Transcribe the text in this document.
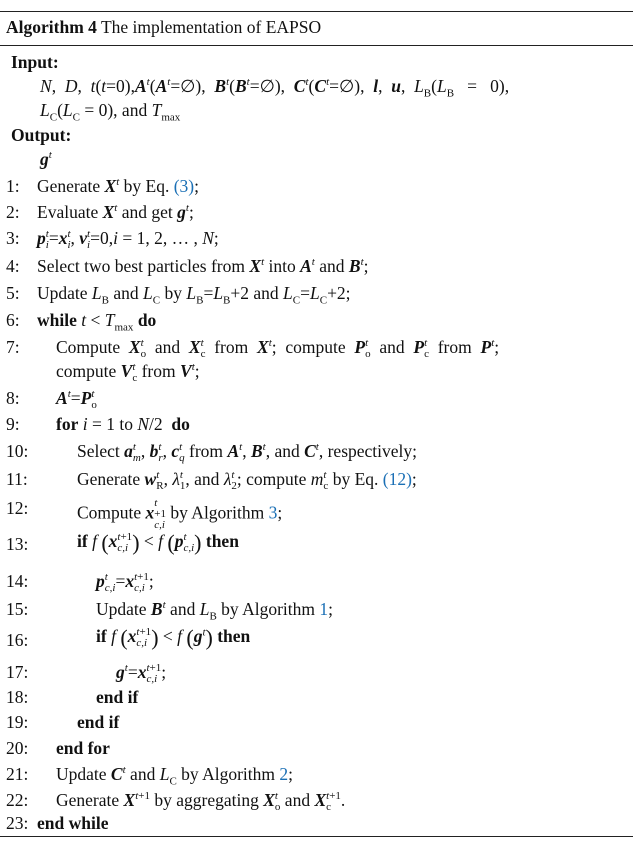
Algorithm 4 The implementation of EAPSO
Input:
N,  D,  $t(t=0),A^t(A^t=\emptyset)$,  $B^t(B^t=\emptyset)$,  $C^t(C^t=\emptyset)$,  l,  u,  $L_B(L_B = 0)$,
$L_C(L_C = 0)$, and $T_{max}$
Output:
$g^t$
1: Generate $X^t$ by Eq. (3);
2: Evaluate $X^t$ and get $g^t$;
3: p t
i =x t
i , v t
i =0,i = 1, 2, … , N;
4: Select two best particles from $X^t$ into $A^t$ and $B^t$;
5: Update $L_B$ and $L_C$ by $L_B=L_B+2$ and $L_C=L_C+2$;
6: while $t < T_{max}$ do
7: Compute  X t
o and  X t
c from  $X^t$;  compute  P t
o and  P t
c from  $P^t$;
compute V t
c from $V^t$;
8: $A^t=P$ t
o
9: for i = 1 to N/2  do
10:	Select a t
m , b t
r , c t
q from $A^t$, $B^t$, and $C^t$, respectively;
11:	Generate w t
R , λ t
1 , and λ t
2 ; compute m t
c by Eq. (12);
12:	Compute x t
+1
c,i
by Algorithm 3;
13:	if f (x t+1
c,i ) < f (p t
c,i ) then
14:	p t
c,i =x t+1
c,i ;
15:	Update $B^t$ and $L_B$ by Algorithm 1;
16:	if f (x t+1
c,i ) < f $(g^t)$ then
17:	$g^t=x$ t+1
c,i ;
18:	end if
19:	end if
20: end for
21: Update $C^t$ and $L_C$ by Algorithm 2;
22: Generate $X^{t+1}$ by aggregating X t
o and X t+1
c .
23: end while
